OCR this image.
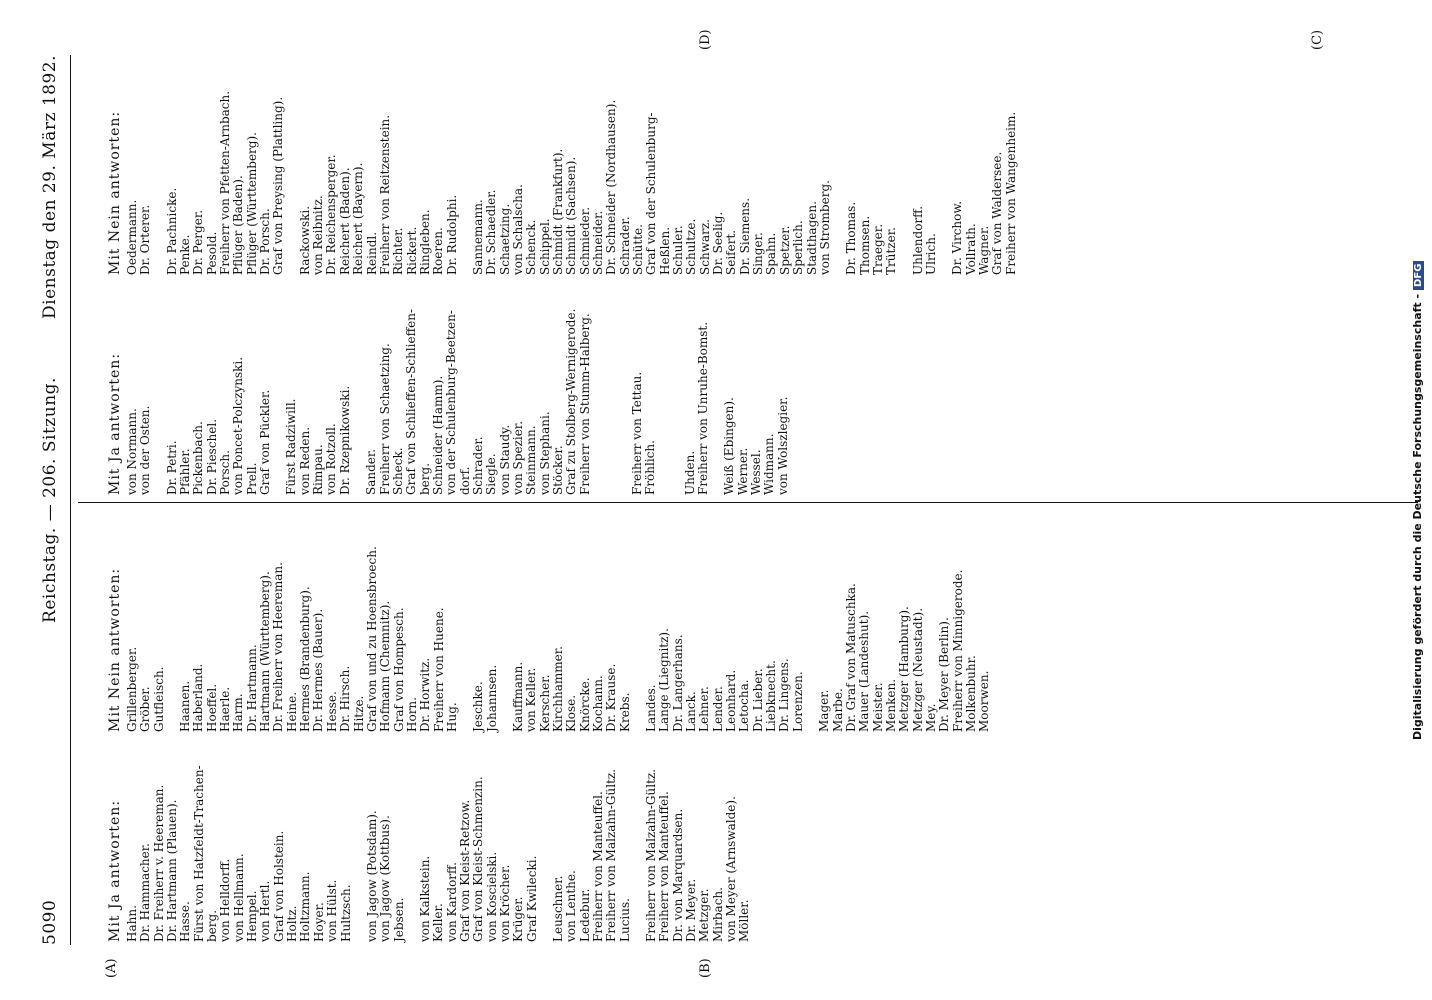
5090
Reichstag. — 206. Sitzung.
Dienstag den 29. März 1892.
(A)	(B)
(C)
(D)
Mit Ja antworten: Hahn. Dr. Hammacher. Dr. Freiherr v. Heereman. Dr. Hartmann (Plauen). Hasse. Fürst von Hatzfeldt-Trachen- berg. von Helldorff. von Hellmann. Hempel. von Hertl. Graf von Holstein. Holtz. Holtzmann. Hoyer. von Hülst. Hultzsch. von Jagow (Potsdam). von Jagow (Kottbus). Jebsen. von Kalkstein. Keller. von Kardorff. Graf von Kleist-Retzow. Graf von Kleist-Schmenzin. von Koscielski. von Kröcher. Krüger. Graf Kwilecki. Leuschner. von Lenthe. Ledebur. Freiherr von Manteuffel. Freiherr von Malzahn-Gültz. Lucius. Freiherr von Malzahn-Gültz. Freiherr von Manteuffel. Dr. von Marquardsen. Dr. Meyer. Metzger. Mirbach. von Meyer (Arnswalde). Möller.
Mit Nein antworten: Grillenberger. Gröber. Gutfleisch. Haanen. Haberland. Hoeffel. Haerle. Harm. Dr. Hartmann. Hartmann (Württemberg). Dr. Freiherr von Heereman. Heine. Hermes (Brandenburg). Dr. Hermes (Bauer). Hesse. Dr. Hirsch. Hitze. Graf von und zu Hoensbroech. Hofmann (Chemnitz). Graf von Hompesch. Horn. Dr. Horwitz. Freiherr von Huene. Hug. Jeschke. Johannsen. Kauffmann. von Keller. Kerscher. Kirchhammer. Klose. Knörcke. Kochann. Dr. Krause. Krebs. Landes. Lange (Liegnitz). Dr. Langerhans. Lanck. Lehner. Lender. Leonhard. Letocha. Dr. Lieber. Liebknecht. Dr. Lingens. Lorenzen. Mager. Marbe. Dr. Graf von Matuschka. Mauer (Landeshut). Meister. Menken. Metzger (Hamburg). Metzger (Neustadt). Mey. Dr. Meyer (Berlin). Freiherr von Minnigerode. Molkenbuhr. Moorwen.
Mit Ja antworten: von Normann. von der Osten. Dr. Petri. Pfähler. Pickenbach. Dr. Pieschel. Porsch. von Poncet-Polczynski. Prell. Graf von Pückler. Fürst Radziwill. von Reden. Rimpau. von Rotzoll. Dr. Rzepnikowski. Sander. Freiherr von Schaetzing. Scheck. Graf von Schlieffen-Schlieffen- berg. Schneider (Hamm). von der Schulenburg-Beetzen- dorf. Schrader. Siegle. von Staudy. von Spezier. Steinmann. von Stephani. Stöcker. Graf zu Stolberg-Wernigerode. Freiherr von Stumm-Halberg.	Freiherr von Tettau. Fröhlich. Uhden. Freiherr von Unruhe-Bomst. Weiß (Ebingen). Werner. Wessel. Widmann. von Wolszlegier.
Mit Nein antworten: Oedermann. Dr. Orterer. Dr. Pachnicke. Penke. Dr. Perger. Pesold. Freiherr von Pfetten-Arnbach. Pflüger (Baden). Pflüger (Württemberg). Dr. Porsch. Graf von Preysing (Plattling). Rackowski. von Reibnitz. Dr. Reichensperger. Reichert (Baden). Reichert (Bayern). Reindl. Freiherr von Reitzenstein. Richter. Rickert. Ringleben. Roeren. Dr. Rudolphi. Sannemann. Dr. Schaedler. Schaetzing. von Schalscha. Schenck. Schippel. Schmidt (Frankfurt). Schmidt (Sachsen). Schmieder. Schneider. Dr. Schneider (Nordhausen). Schrader. Schütte. Graf von der Schulenburg- Heßlen. Schuler. Schultze. Schwarz. Dr. Seelig. Seifert. Dr. Siemens. Singer. Spahn. Spetzer. Sperlich. Stadthagen. von Stromberg. Dr. Thomas. Thomsen. Traeger. Trützer. Uhlendorff. Ulrich. Dr. Virchow. Vollrath. Wagner. Graf von Waldersee. Freiherr von Wangenheim.
Digitalisierung gefördert durch die Deutsche Forschungsgemeinschaft -DFG
